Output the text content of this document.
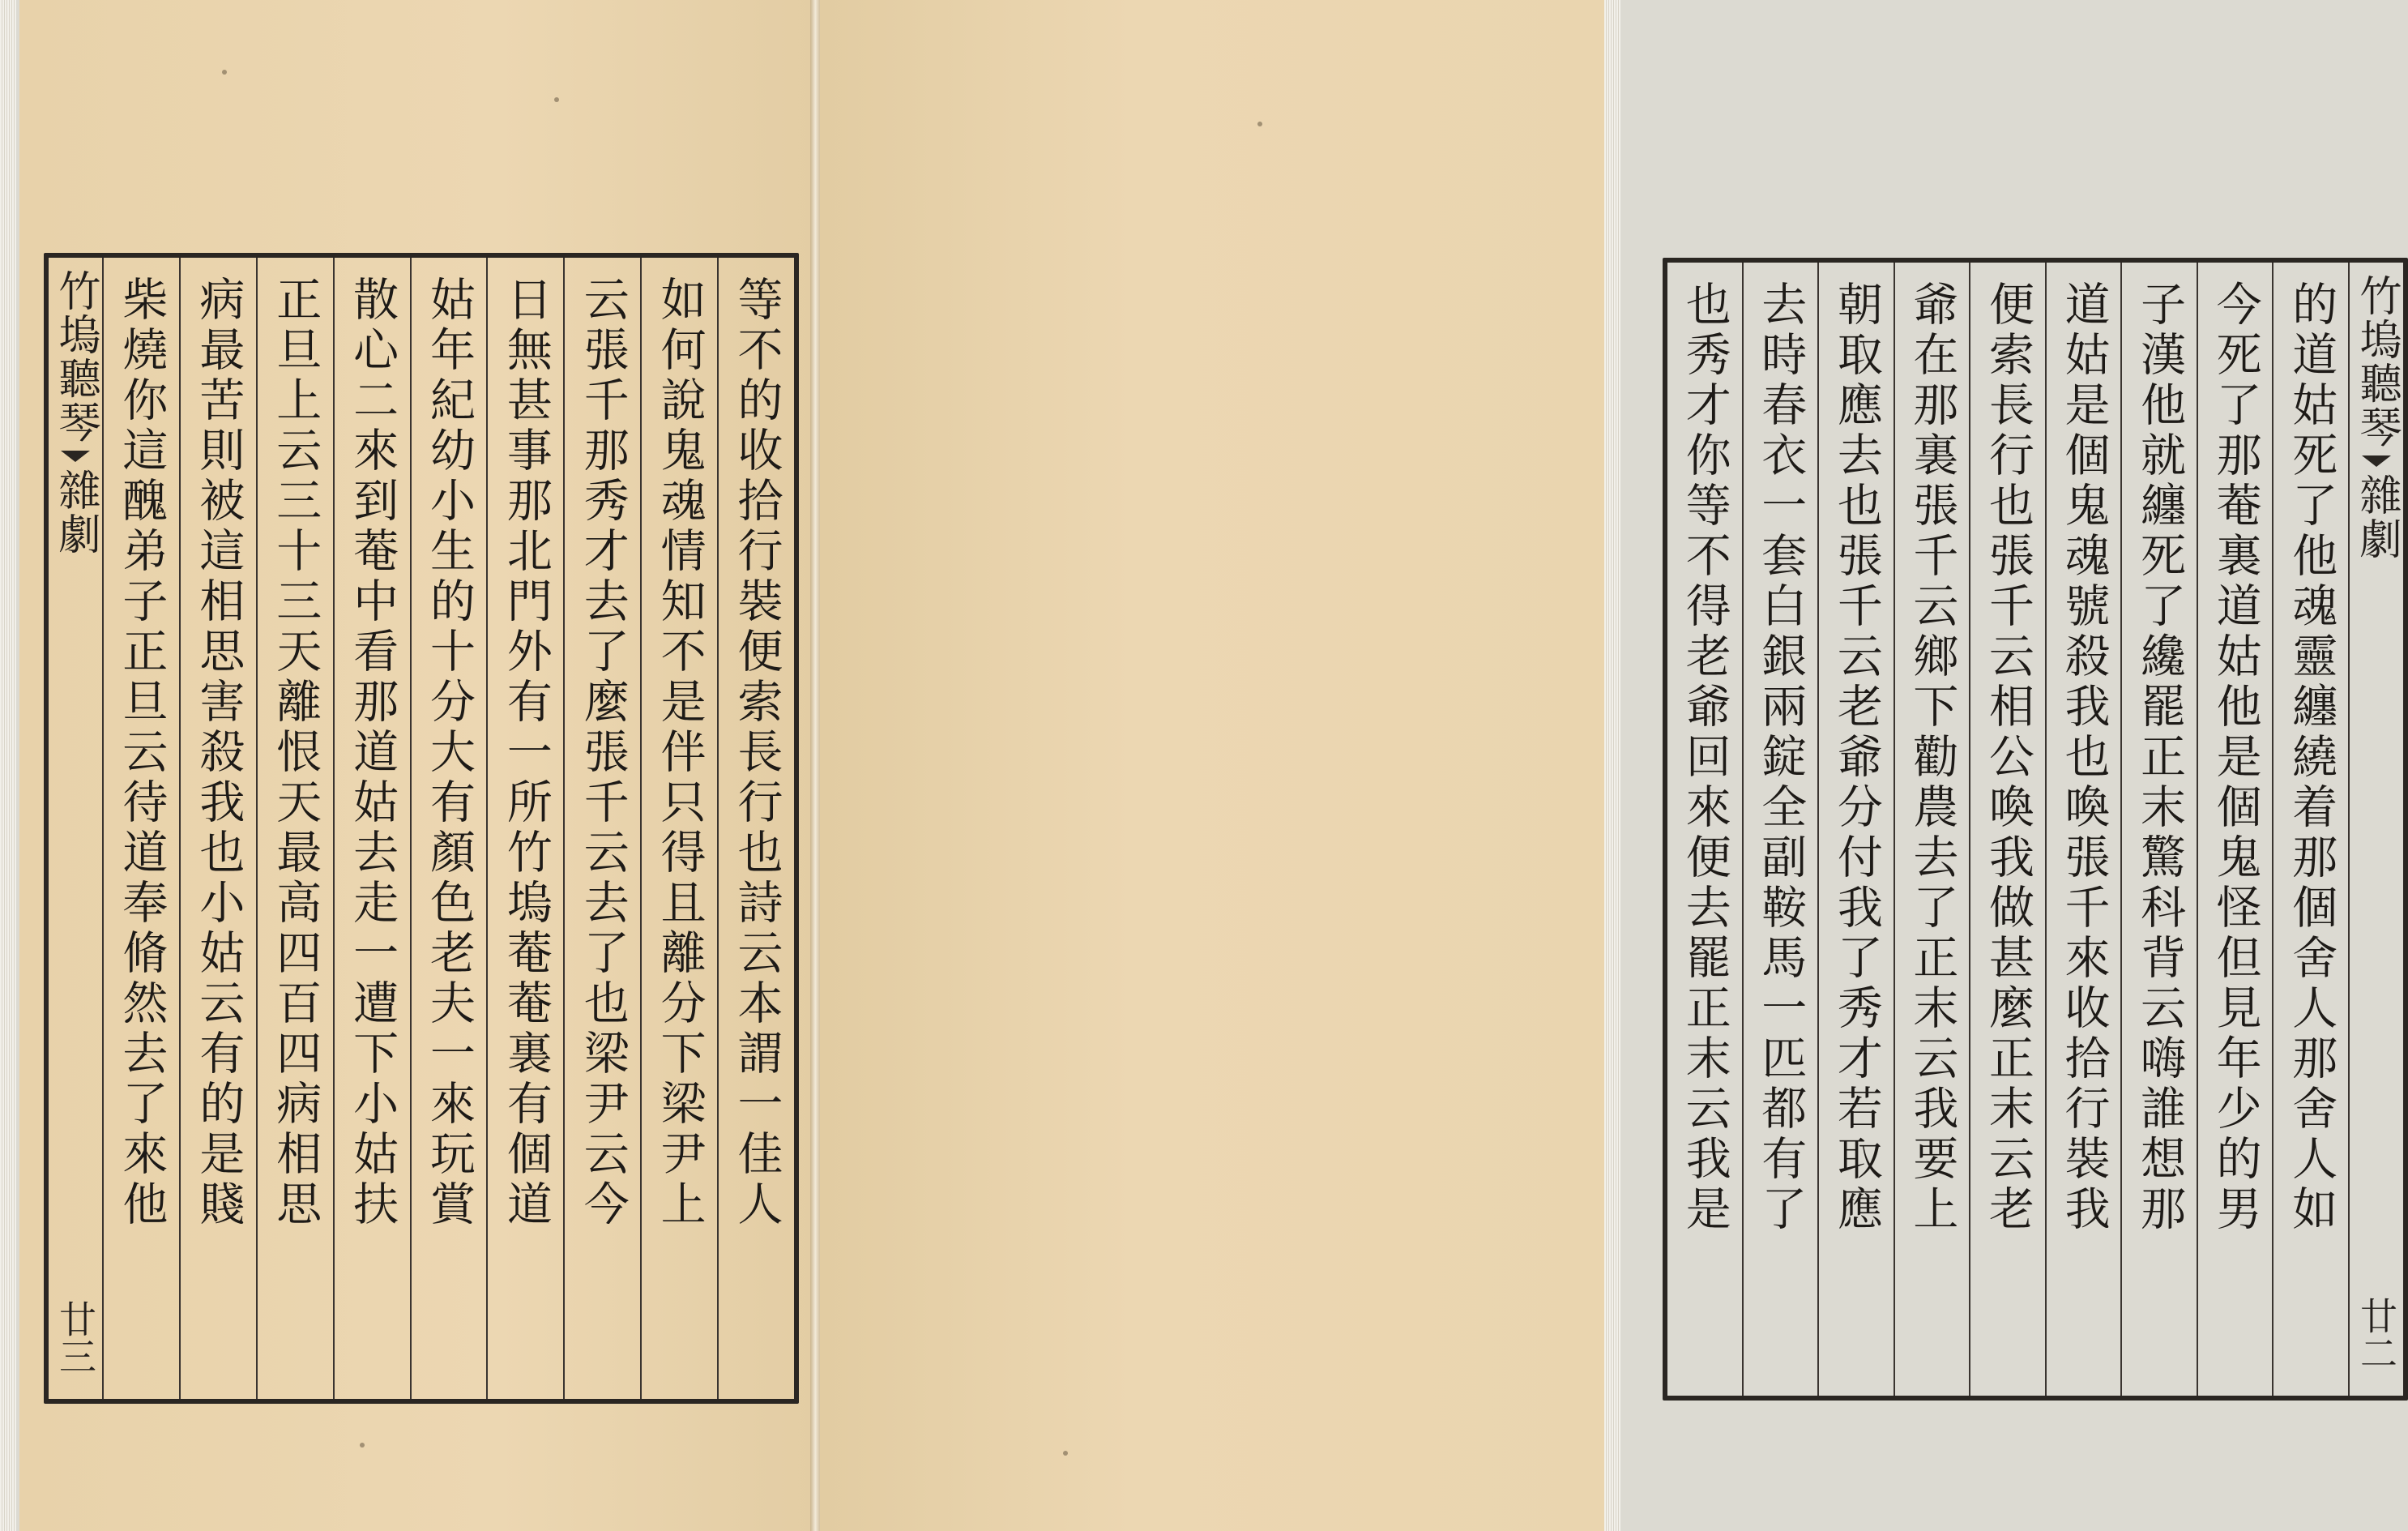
竹塢聽琴
雜劇
廿三
等不的收拾行裝便索長行也詩云本謂一佳人
如何說鬼魂情知不是伴只得且離分下梁尹上
云張千那秀才去了麼張千云去了也梁尹云今
日無甚事那北門外有一所竹塢菴菴裏有個道
姑年紀幼小生的十分大有顏色老夫一來玩賞
散心二來到菴中看那道姑去走一遭下小姑扶
正旦上云三十三天離恨天最高四百四病相思
病最苦則被這相思害殺我也小姑云有的是賤
柴燒你這醜弟子正旦云待道奉脩然去了來他	竹塢聽琴
雜劇
廿二
的道姑死了他魂靈纏繞着那個舍人那舍人如
今死了那菴裏道姑他是個鬼怪但見年少的男
子漢他就纏死了纔罷正末驚科背云嗨誰想那
道姑是個鬼魂號殺我也喚張千來收拾行裝我
便索長行也張千云相公喚我做甚麼正末云老
爺在那裏張千云鄉下勸農去了正末云我要上
朝取應去也張千云老爺分付我了秀才若取應
去時春衣一套白銀兩錠全副鞍馬一匹都有了
也秀才你等不得老爺回來便去罷正末云我是
